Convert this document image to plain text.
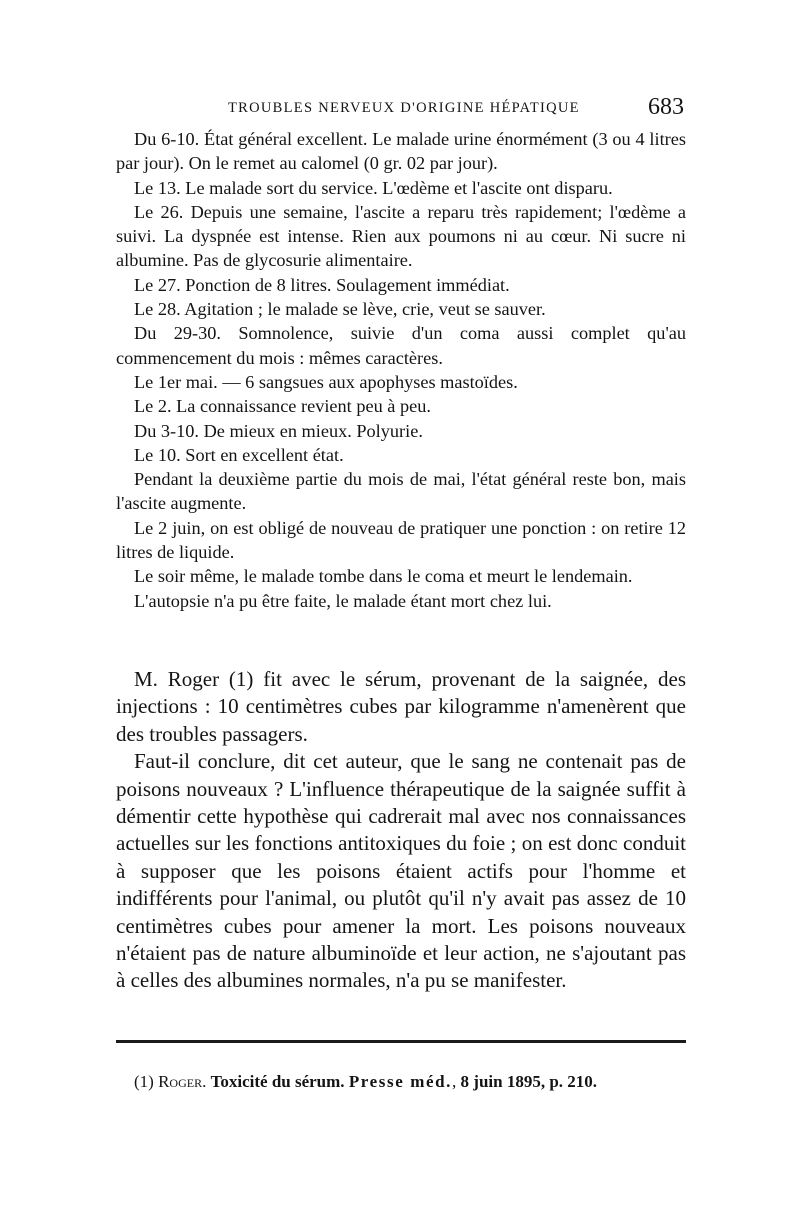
TROUBLES NERVEUX D'ORIGINE HÉPATIQUE	683

Du 6-10. État général excellent. Le malade urine énormément (3 ou 4 litres par jour). On le remet au calomel (0 gr. 02 par jour).

Le 13. Le malade sort du service. L'œdème et l'ascite ont disparu.

Le 26. Depuis une semaine, l'ascite a reparu très rapidement; l'œdème a suivi. La dyspnée est intense. Rien aux poumons ni au cœur. Ni sucre ni albumine. Pas de glycosurie alimentaire.

Le 27. Ponction de 8 litres. Soulagement immédiat.

Le 28. Agitation ; le malade se lève, crie, veut se sauver.

Du 29-30. Somnolence, suivie d'un coma aussi complet qu'au commencement du mois : mêmes caractères.

Le 1er mai. — 6 sangsues aux apophyses mastoïdes.

Le 2. La connaissance revient peu à peu.

Du 3-10. De mieux en mieux. Polyurie.

Le 10. Sort en excellent état.

Pendant la deuxième partie du mois de mai, l'état général reste bon, mais l'ascite augmente.

Le 2 juin, on est obligé de nouveau de pratiquer une ponction : on retire 12 litres de liquide.

Le soir même, le malade tombe dans le coma et meurt le lendemain.

L'autopsie n'a pu être faite, le malade étant mort chez lui.

M. Roger (1) fit avec le sérum, provenant de la saignée, des injections : 10 centimètres cubes par kilogramme n'amenèrent que des troubles passagers.

Faut-il conclure, dit cet auteur, que le sang ne contenait pas de poisons nouveaux ? L'influence thérapeutique de la saignée suffit à démentir cette hypothèse qui cadrerait mal avec nos connaissances actuelles sur les fonctions antitoxiques du foie ; on est donc conduit à supposer que les poisons étaient actifs pour l'homme et indifférents pour l'animal, ou plutôt qu'il n'y avait pas assez de 10 centimètres cubes pour amener la mort. Les poisons nouveaux n'étaient pas de nature albuminoïde et leur action, ne s'ajoutant pas à celles des albumines normales, n'a pu se manifester.

(1) Roger. Toxicité du sérum. Presse méd., 8 juin 1895, p. 210.
